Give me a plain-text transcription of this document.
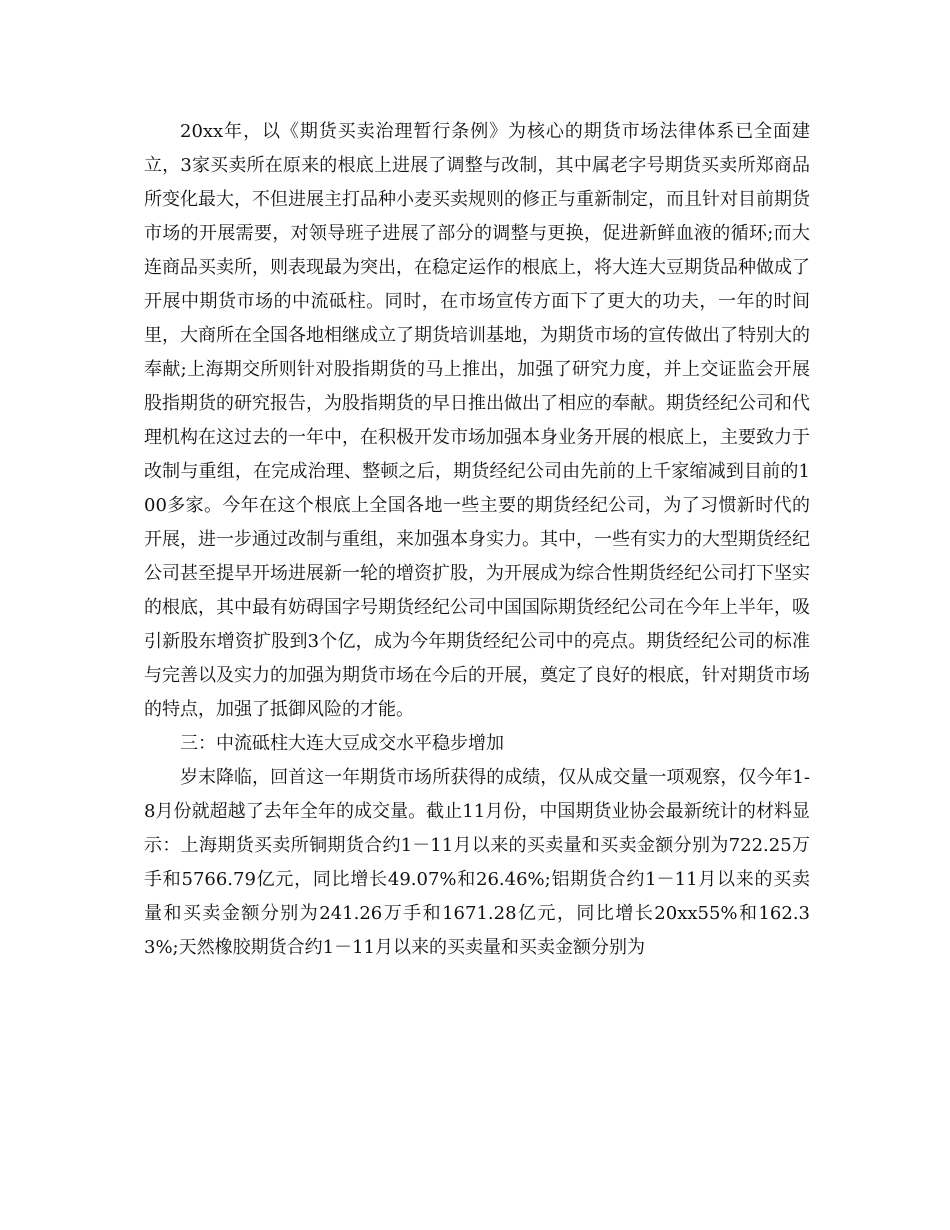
20xx年，以《期货买卖治理暂行条例》为核心的期货市场法律体系已全面建立，3家买卖所在原来的根底上进展了调整与改制，其中属老字号期货买卖所郑商品所变化最大，不但进展主打品种小麦买卖规则的修正与重新制定，而且针对目前期货市场的开展需要，对领导班子进展了部分的调整与更换，促进新鲜血液的循环;而大连商品买卖所，则表现最为突出，在稳定运作的根底上，将大连大豆期货品种做成了开展中期货市场的中流砥柱。同时，在市场宣传方面下了更大的功夫，一年的时间里，大商所在全国各地相继成立了期货培训基地，为期货市场的宣传做出了特别大的奉献;上海期交所则针对股指期货的马上推出，加强了研究力度，并上交证监会开展股指期货的研究报告，为股指期货的早日推出做出了相应的奉献。期货经纪公司和代理机构在这过去的一年中，在积极开发市场加强本身业务开展的根底上，主要致力于改制与重组，在完成治理、整顿之后，期货经纪公司由先前的上千家缩减到目前的100多家。今年在这个根底上全国各地一些主要的期货经纪公司，为了习惯新时代的开展，进一步通过改制与重组，来加强本身实力。其中，一些有实力的大型期货经纪公司甚至提早开场进展新一轮的增资扩股，为开展成为综合性期货经纪公司打下坚实的根底，其中最有妨碍国字号期货经纪公司中国国际期货经纪公司在今年上半年，吸引新股东增资扩股到3个亿，成为今年期货经纪公司中的亮点。期货经纪公司的标准与完善以及实力的加强为期货市场在今后的开展，奠定了良好的根底，针对期货市场的特点，加强了抵御风险的才能。

三：中流砥柱大连大豆成交水平稳步增加

岁末降临，回首这一年期货市场所获得的成绩，仅从成交量一项观察，仅今年1-8月份就超越了去年全年的成交量。截止11月份，中国期货业协会最新统计的材料显示：上海期货买卖所铜期货合约1－11月以来的买卖量和买卖金额分别为722.25万手和5766.79亿元，同比增长49.07%和26.46%;铝期货合约1－11月以来的买卖量和买卖金额分别为241.26万手和1671.28亿元，同比增长20xx55%和162.33%;天然橡胶期货合约1－11月以来的买卖量和买卖金额分别为
